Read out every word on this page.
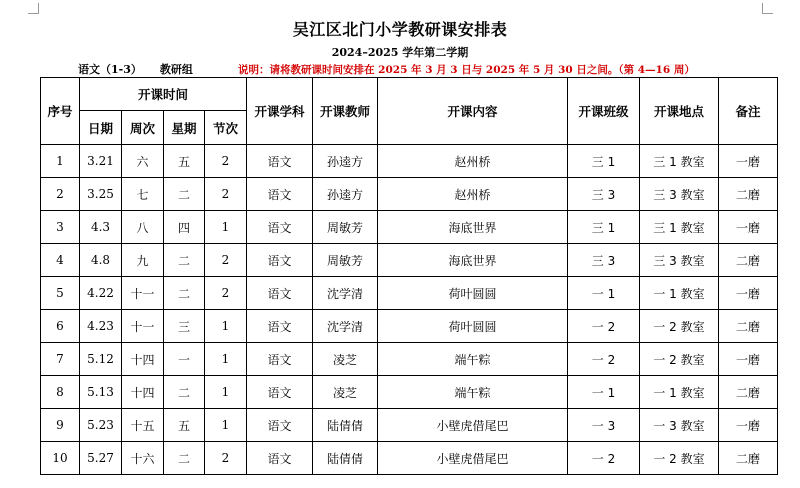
吴江区北门小学教研课安排表
2024–2025 学年第二学期
语文（1-3） 教研组	说明：请将教研课时间安排在 2025 年 3 月 3 日与 2025 年 5 月 30 日之间。（第 4—16 周）
序号	开课时间				开课学科	开课教师	开课内容	开课班级	开课地点	备注
	日期	周次	星期	节次						
1	3.21	六	五	2	语文	孙逵方	赵州桥	三 1	三 1 教室	一磨
2	3.25	七	二	2	语文	孙逵方	赵州桥	三 3	三 3 教室	二磨
3	4.3	八	四	1	语文	周敏芳	海底世界	三 1	三 1 教室	一磨
4	4.8	九	二	2	语文	周敏芳	海底世界	三 3	三 3 教室	二磨
5	4.22	十一	二	2	语文	沈学清	荷叶圆圆	一 1	一 1 教室	一磨
6	4.23	十一	三	1	语文	沈学清	荷叶圆圆	一 2	一 2 教室	二磨
7	5.12	十四	一	1	语文	凌芝	端午粽	一 2	一 2 教室	一磨
8	5.13	十四	二	1	语文	凌芝	端午粽	一 1	一 1 教室	二磨
9	5.23	十五	五	1	语文	陆倩倩	小壁虎借尾巴	一 3	一 3 教室	一磨
10	5.27	十六	二	2	语文	陆倩倩	小壁虎借尾巴	一 2	一 2 教室	二磨
